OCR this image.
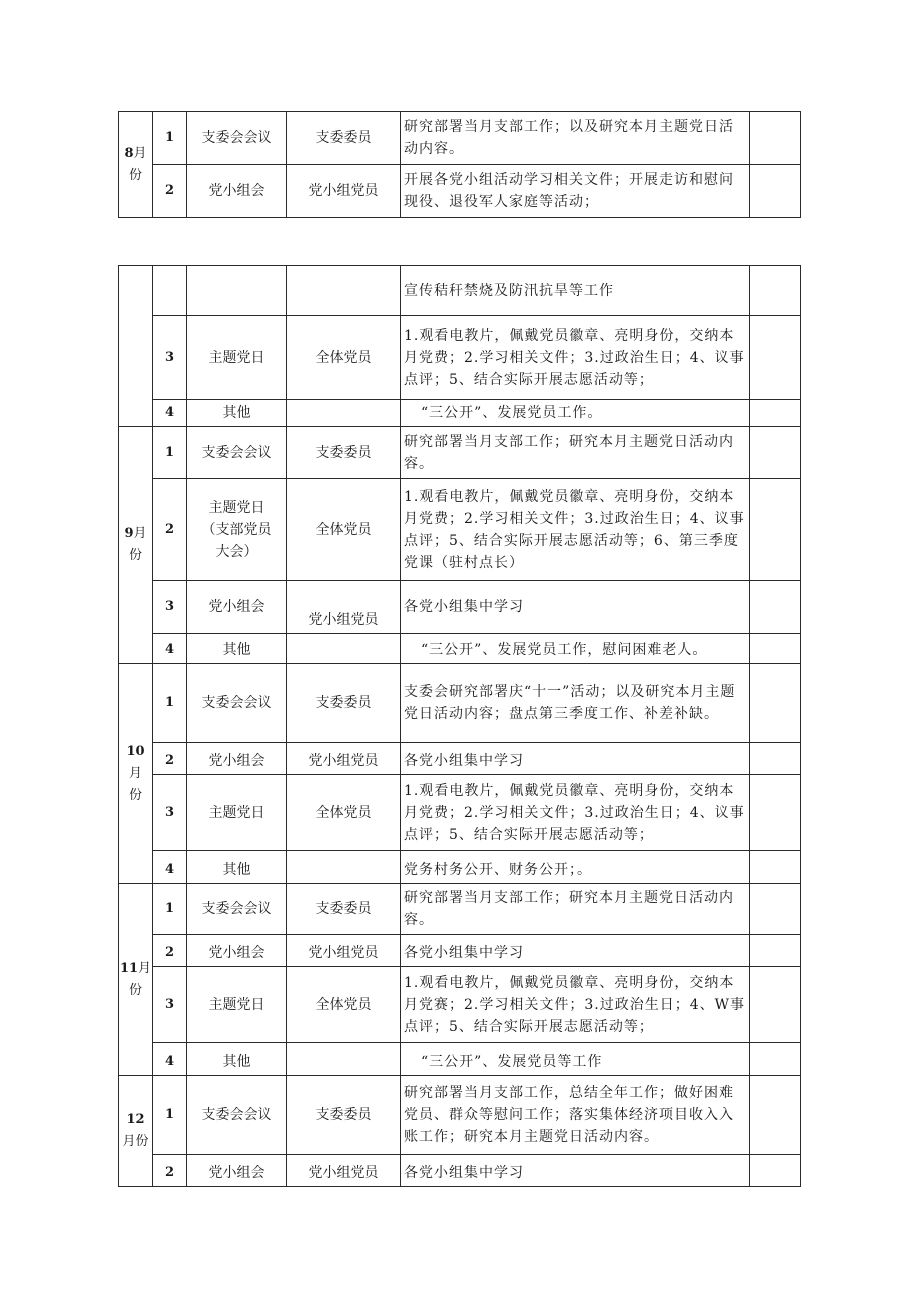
8月
份	1	支委会会议	支委委员	研究部署当月支部工作；以及研究本月主题党日活动内容。	
	2	党小组会	党小组党员	开展各党小组活动学习相关文件；开展走访和慰问现役、退役军人家庭等活动；	
				宣传秸秆禁烧及防汛抗旱等工作	
	3	主题党日	全体党员	1.观看电教片，佩戴党员徽章、亮明身份，交纳本月党费；2.学习相关文件；3.过政治生日；4、议事点评；5、结合实际开展志愿活动等；	
	4	其他		“三公开”、发展党员工作。	
9月
份	1	支委会会议	支委委员	研究部署当月支部工作；研究本月主题党日活动内容。	
	2	主题党日
（支部党员
大会）	全体党员	1.观看电教片，佩戴党员徽章、亮明身份，交纳本月党费；2.学习相关文件；3.过政治生日；4、议事点评；5、结合实际开展志愿活动等；6、第三季度党课（驻村点长）	
	3	党小组会	党小组党员	各党小组集中学习	
	4	其他		“三公开”、发展党员工作，慰问困难老人。	
10
月
份	1	支委会会议	支委委员	支委会研究部署庆“十一”活动；以及研究本月主题党日活动内容；盘点第三季度工作、补差补缺。	
	2	党小组会	党小组党员	各党小组集中学习	
	3	主题党日	全体党员	1.观看电教片，佩戴党员徽章、亮明身份，交纳本月党费；2.学习相关文件；3.过政治生日；4、议事点评；5、结合实际开展志愿活动等；	
	4	其他		党务村务公开、财务公开；。	
11月
份	1	支委会会议	支委委员	研究部署当月支部工作；研究本月主题党日活动内容。	
	2	党小组会	党小组党员	各党小组集中学习	
	3	主题党日	全体党员	1.观看电教片，佩戴党员徽章、亮明身份，交纳本月党赛；2.学习相关文件；3.过政治生日；4、W事点评；5、结合实际开展志愿活动等；	
	4	其他		“三公开”、发展党员等工作	
12
月份	1	支委会会议	支委委员	研究部署当月支部工作，总结全年工作；做好困难党员、群众等慰问工作；落实集体经济项目收入入账工作；研究本月主题党日活动内容。	
	2	党小组会	党小组党员	各党小组集中学习	
